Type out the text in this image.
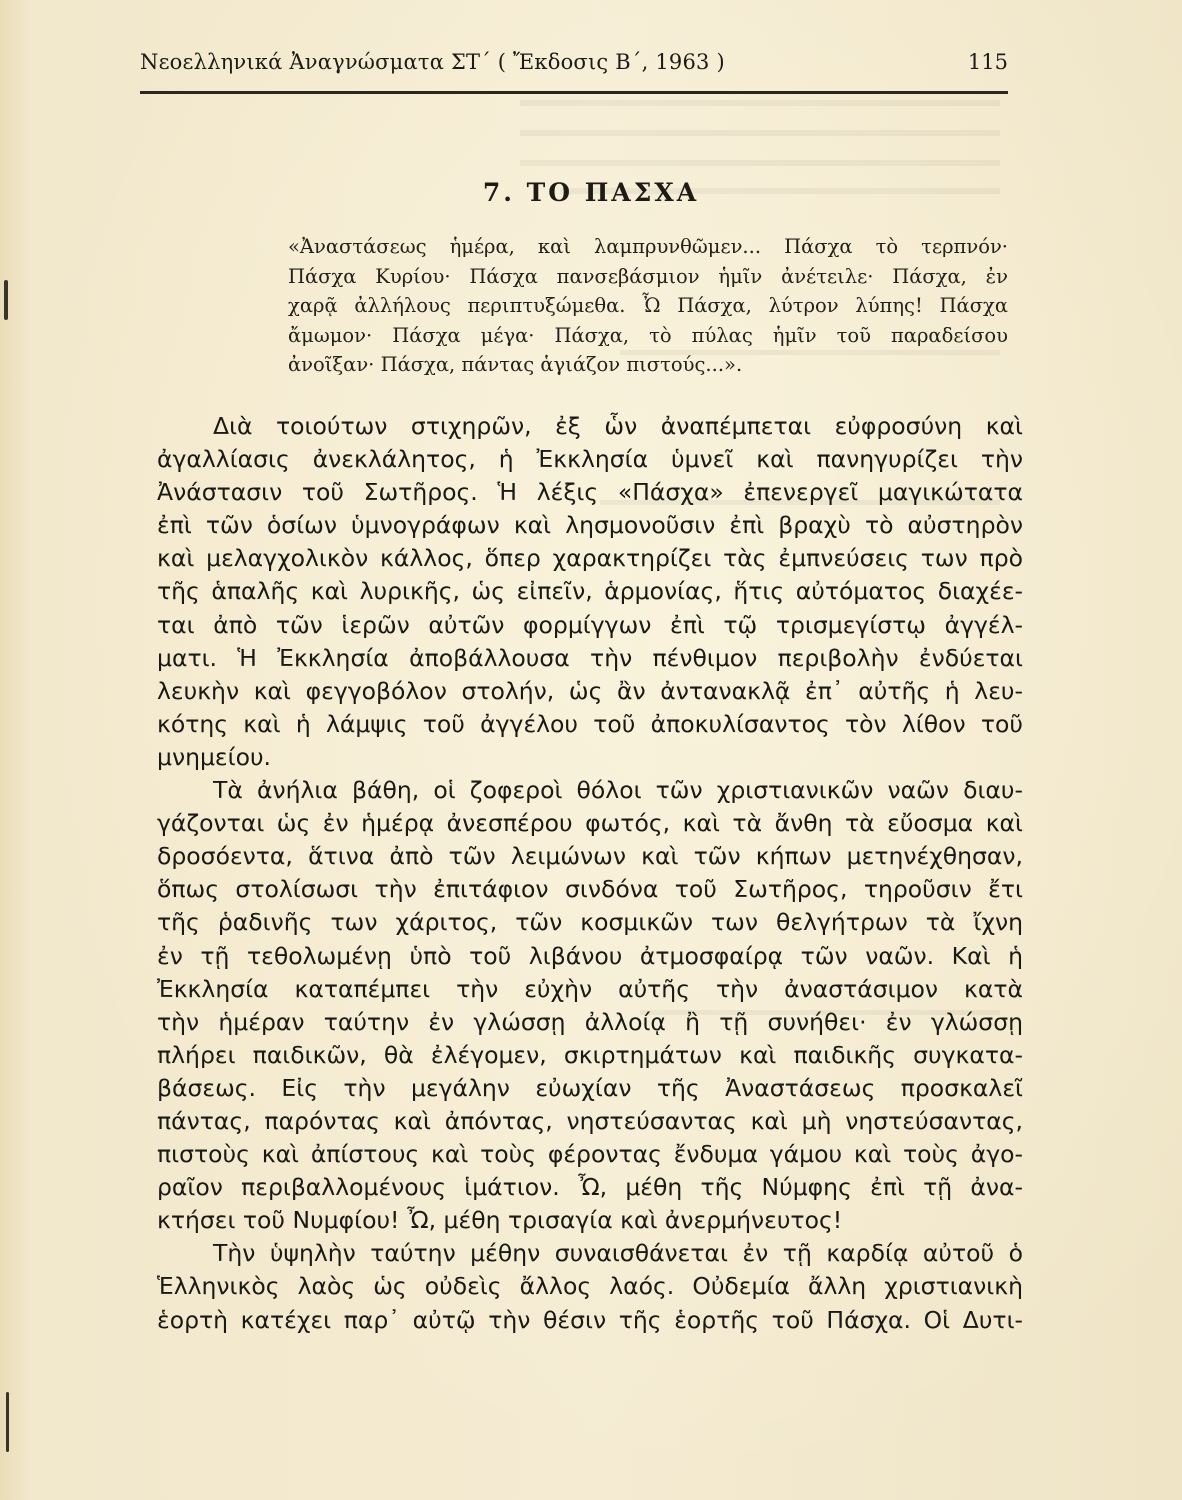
Νεοελληνικά Ἀναγνώσματα ΣΤ΄ ( Ἔκδοσις Β΄, 1963 )	115
7. ΤΟ ΠΑΣΧΑ
«Ἀναστάσεως ἡμέρα, καὶ λαμπρυνθῶμεν... Πάσχα τὸ τερπνόν·
Πάσχα Κυρίου· Πάσχα πανσεβάσμιον ἡμῖν ἀνέτειλε· Πάσχα, ἐν
χαρᾷ ἀλλήλους περιπτυξώμεθα. Ὦ Πάσχα, λύτρον λύπης! Πάσχα
ἄμωμον· Πάσχα μέγα· Πάσχα, τὸ πύλας ἡμῖν τοῦ παραδείσου
ἀνοῖξαν· Πάσχα, πάντας ἁγιάζον πιστούς...».
Διὰ τοιούτων στιχηρῶν, ἐξ ὧν ἀναπέμπεται εὐφροσύνη καὶ
ἀγαλλίασις ἀνεκλάλητος, ἡ Ἐκκλησία ὑμνεῖ καὶ πανηγυρίζει τὴν
Ἀνάστασιν τοῦ Σωτῆρος. Ἡ λέξις «Πάσχα» ἐπενεργεῖ μαγικώτατα
ἐπὶ τῶν ὁσίων ὑμνογράφων καὶ λησμονοῦσιν ἐπὶ βραχὺ τὸ αὐστηρὸν
καὶ μελαγχολικὸν κάλλος, ὅπερ χαρακτηρίζει τὰς ἐμπνεύσεις των πρὸ
τῆς ἁπαλῆς καὶ λυρικῆς, ὡς εἰπεῖν, ἁρμονίας, ἥτις αὐτόματος διαχέε-
ται ἀπὸ τῶν ἱερῶν αὐτῶν φορμίγγων ἐπὶ τῷ τρισμεγίστῳ ἀγγέλ-
ματι. Ἡ Ἐκκλησία ἀποβάλλουσα τὴν πένθιμον περιβολὴν ἐνδύεται
λευκὴν καὶ φεγγοβόλον στολήν, ὡς ἂν ἀντανακλᾷ ἐπ᾿ αὐτῆς ἡ λευ-
κότης καὶ ἡ λάμψις τοῦ ἀγγέλου τοῦ ἀποκυλίσαντος τὸν λίθον τοῦ
μνημείου.
Τὰ ἀνήλια βάθη, οἱ ζοφεροὶ θόλοι τῶν χριστιανικῶν ναῶν διαυ-
γάζονται ὡς ἐν ἡμέρᾳ ἀνεσπέρου φωτός, καὶ τὰ ἄνθη τὰ εὔοσμα καὶ
δροσόεντα, ἅτινα ἀπὸ τῶν λειμώνων καὶ τῶν κήπων μετηνέχθησαν,
ὅπως στολίσωσι τὴν ἐπιτάφιον σινδόνα τοῦ Σωτῆρος, τηροῦσιν ἔτι
τῆς ῥαδινῆς των χάριτος, τῶν κοσμικῶν των θελγήτρων τὰ ἴχνη
ἐν τῇ τεθολωμένῃ ὑπὸ τοῦ λιβάνου ἀτμοσφαίρᾳ τῶν ναῶν. Καὶ ἡ
Ἐκκλησία καταπέμπει τὴν εὐχὴν αὐτῆς τὴν ἀναστάσιμον κατὰ
τὴν ἡμέραν ταύτην ἐν γλώσσῃ ἀλλοίᾳ ἢ τῇ συνήθει· ἐν γλώσσῃ
πλήρει παιδικῶν, θὰ ἐλέγομεν, σκιρτημάτων καὶ παιδικῆς συγκατα-
βάσεως. Εἰς τὴν μεγάλην εὐωχίαν τῆς Ἀναστάσεως προσκαλεῖ
πάντας, παρόντας καὶ ἀπόντας, νηστεύσαντας καὶ μὴ νηστεύσαντας,
πιστοὺς καὶ ἀπίστους καὶ τοὺς φέροντας ἔνδυμα γάμου καὶ τοὺς ἀγο-
ραῖον περιβαλλομένους ἱμάτιον. Ὦ, μέθη τῆς Νύμφης ἐπὶ τῇ ἀνα-
κτήσει τοῦ Νυμφίου! Ὦ, μέθη τρισαγία καὶ ἀνερμήνευτος!
Τὴν ὑψηλὴν ταύτην μέθην συναισθάνεται ἐν τῇ καρδίᾳ αὐτοῦ ὁ
Ἑλληνικὸς λαὸς ὡς οὐδεὶς ἄλλος λαός. Οὐδεμία ἄλλη χριστιανικὴ
ἑορτὴ κατέχει παρ᾿ αὐτῷ τὴν θέσιν τῆς ἑορτῆς τοῦ Πάσχα. Οἱ Δυτι-
